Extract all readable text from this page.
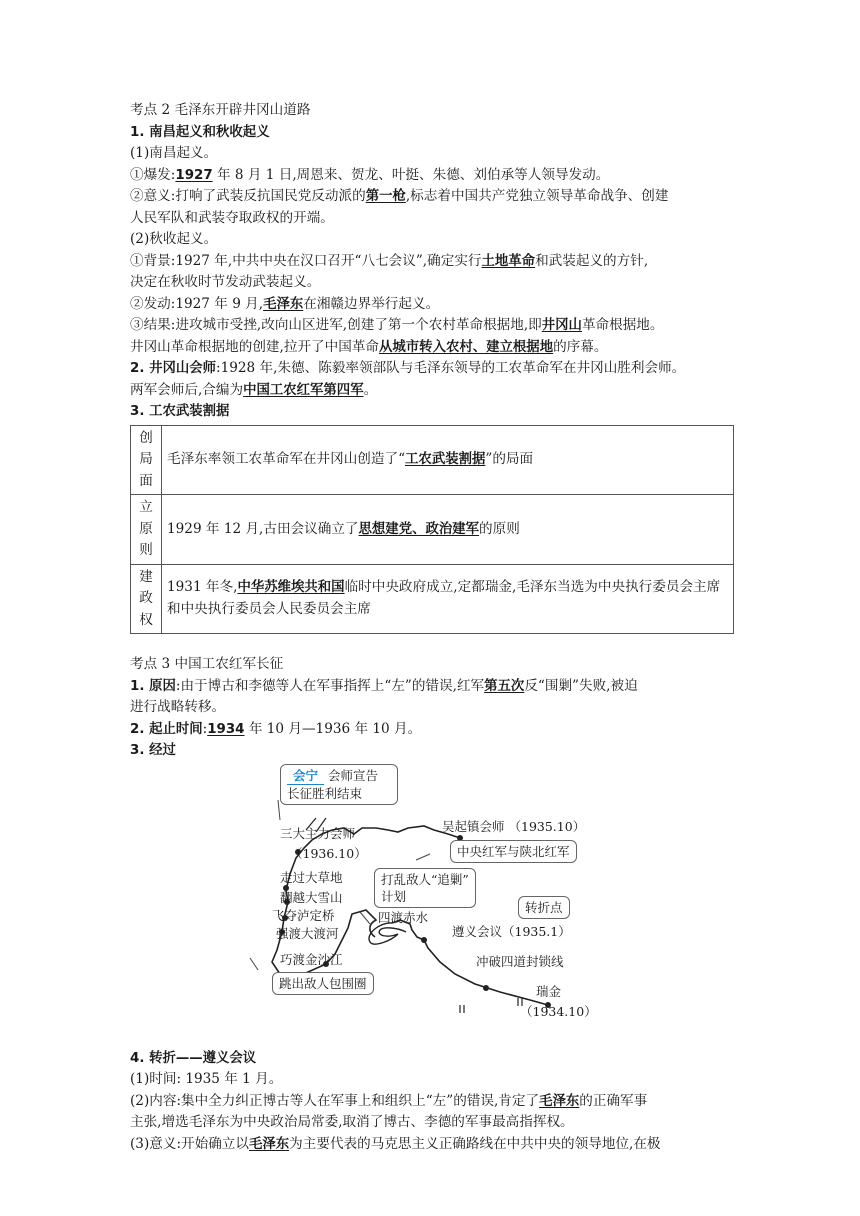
考点 2 毛泽东开辟井冈山道路
1. 南昌起义和秋收起义
(1)南昌起义。
①爆发:1927 年 8 月 1 日,周恩来、贺龙、叶挺、朱德、刘伯承等人领导发动。
②意义:打响了武装反抗国民党反动派的第一枪,标志着中国共产党独立领导革命战争、创建
人民军队和武装夺取政权的开端。
(2)秋收起义。
①背景:1927 年,中共中央在汉口召开“八七会议”,确定实行土地革命和武装起义的方针,
决定在秋收时节发动武装起义。
②发动:1927 年 9 月,毛泽东在湘赣边界举行起义。
③结果:进攻城市受挫,改向山区进军,创建了第一个农村革命根据地,即井冈山革命根据地。
井冈山革命根据地的创建,拉开了中国革命从城市转入农村、建立根据地的序幕。
2. 井冈山会师:1928 年,朱德、陈毅率领部队与毛泽东领导的工农革命军在井冈山胜利会师。
两军会师后,合编为中国工农红军第四军。
3. 工农武装割据
创局面	毛泽东率领工农革命军在井冈山创造了“工农武装割据”的局面
立原则	1929 年 12 月,古田会议确立了思想建党、政治建军的原则
建政权	1931 年冬,中华苏维埃共和国临时中央政府成立,定都瑞金,毛泽东当选为中央执行委员会主席和中央执行委员会人民委员会主席
考点 3 中国工农红军长征
1. 原因:由于博古和李德等人在军事指挥上“左”的错误,红军第五次反“围剿”失败,被迫
进行战略转移。
2. 起止时间:1934 年 10 月—1936 年 10 月。
3. 经过
会宁 会师宣告
长征胜利结束
三大主力会师
（1936.10）
吴起镇会师 （1935.10）
中央红军与陕北红军
走过大草地
翻越大雪山
飞夺泸定桥
强渡大渡河
巧渡金沙江
跳出敌人包围圈
打乱敌人“追剿”
计划
四渡赤水
转折点
遵义会议（1935.1）
冲破四道封锁线
瑞金
（1934.10）
4. 转折——遵义会议
(1)时间: 1935 年 1 月。
(2)内容:集中全力纠正博古等人在军事上和组织上“左”的错误,肯定了毛泽东的正确军事
主张,增选毛泽东为中央政治局常委,取消了博古、李德的军事最高指挥权。
(3)意义:开始确立以毛泽东为主要代表的马克思主义正确路线在中共中央的领导地位,在极
